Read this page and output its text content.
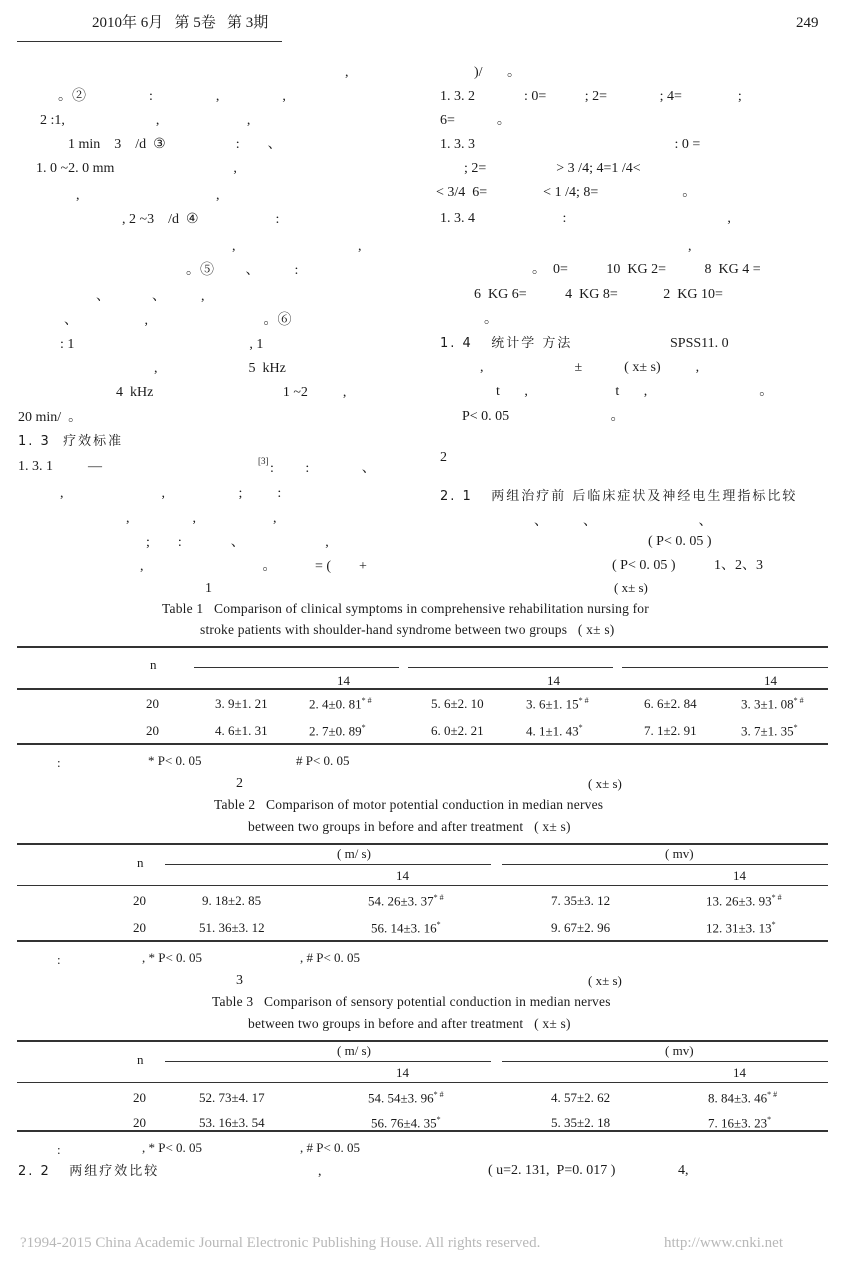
2010年 6月   第 5卷   第 3期	249
,
。②                  :                  ,                  ,
2 :1,                          ,                         ,
1 min    3    /d  ③                    :        、
1. 0 ~2. 0 mm                                  ,
,                                       ,
, 2 ~3    /d  ④                      :
,                                   ,
。⑤         、          :
、            、          ,
、                   ,                                 。⑥
: 1                                                  , 1
,                          5  kHz
4  kHz                                     1 ~2          ,
20 min/  。
1. 3  疗效标准
1. 3. 1	—	[3] :         :               、
,                            ,                     ;          :
,                  ,                      ,
;        :              、                       ,
,                                  。           = (        +
1
)/       。
1. 3. 2              : 0=           ; 2=               ; 4=                ;
6=            。
1. 3. 3                                                         : 0 =
; 2=                    > 3 /4; 4=1 /4<
< 3/4  6=                < 1 /4; 8=                        。
1. 3. 4                         :                                              ,
,
。  0=           10  KG 2=           8  KG 4 =
6  KG 6=           4  KG 8=             2  KG 10=
。
1. 4   统计学 方法	SPSS11. 0
,                          ±            ( x± s)          ,
t       ,                         t       ,                                。
P< 0. 05                             。
2
2. 1   两组治疗前 后临床症状及神经电生理指标比较
、          、                             、
( P< 0. 05 )
( P< 0. 05 )           1、2、3
( x± s)
Table 1   Comparison of clinical symptoms in comprehensive rehabilitation nursing for
stroke patients with shoulder-hand syndrome between two groups   ( x± s)
n
14	14	14
20	3. 9±1. 21	2. 4±0. 81* #	5. 6±2. 10	3. 6±1. 15* #	6. 6±2. 84	3. 3±1. 08* #
20	4. 6±1. 31	2. 7±0. 89*	6. 0±2. 21	4. 1±1. 43*	7. 1±2. 91	3. 7±1. 35*
:	* P< 0. 05	# P< 0. 05
2	( x± s)
Table 2   Comparison of motor potential conduction in median nerves
between two groups in before and after treatment   ( x± s)
( m/ s)	( mv)
n
14	14
20	9. 18±2. 85	54. 26±3. 37* #	7. 35±3. 12	13. 26±3. 93* #
20	51. 36±3. 12	56. 14±3. 16*	9. 67±2. 96	12. 31±3. 13*
:	, * P< 0. 05	, # P< 0. 05
3	( x± s)
Table 3   Comparison of sensory potential conduction in median nerves
between two groups in before and after treatment   ( x± s)
( m/ s)	( mv)
n
14	14
20	52. 73±4. 17	54. 54±3. 96* #	4. 57±2. 62	8. 84±3. 46* #
20	53. 16±3. 54	56. 76±4. 35*	5. 35±2. 18	7. 16±3. 23*
:	, * P< 0. 05	, # P< 0. 05
2. 2   两组疗效比较	,	( u=2. 131,  P=0. 017 )	4,
?1994-2015 China Academic Journal Electronic Publishing House. All rights reserved.	http://www.cnki.net
